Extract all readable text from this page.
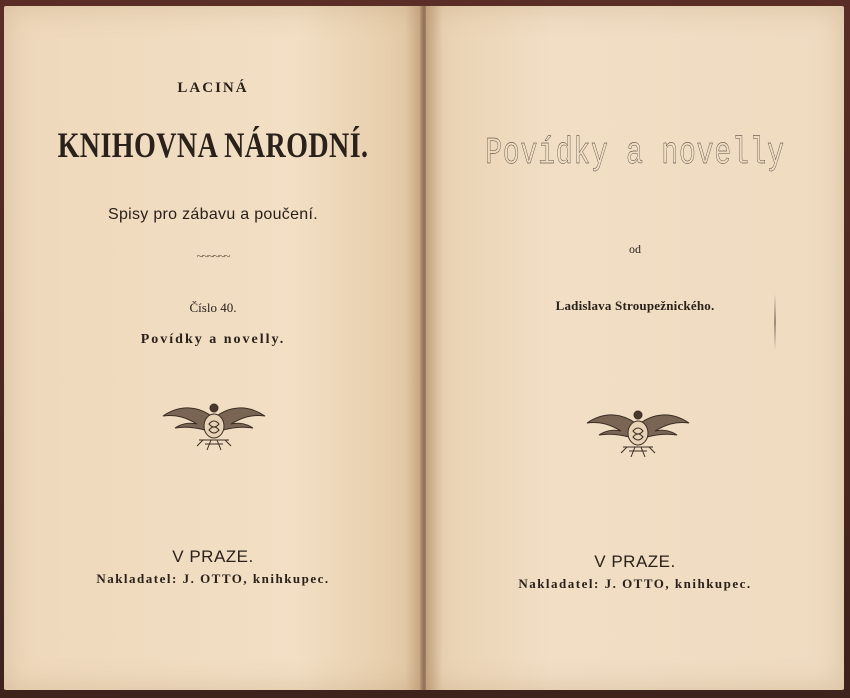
LACINÁ
KNIHOVNA NÁRODNÍ.
Spisy pro zábavu a poučení.
~~~~~~
Číslo 40.
Povídky a novelly.
V PRAZE.
Nakladatel: J. OTTO, knihkupec.
Povídky a novelly
od
Ladislava Stroupežnického.
V PRAZE.
Nakladatel: J. OTTO, knihkupec.
